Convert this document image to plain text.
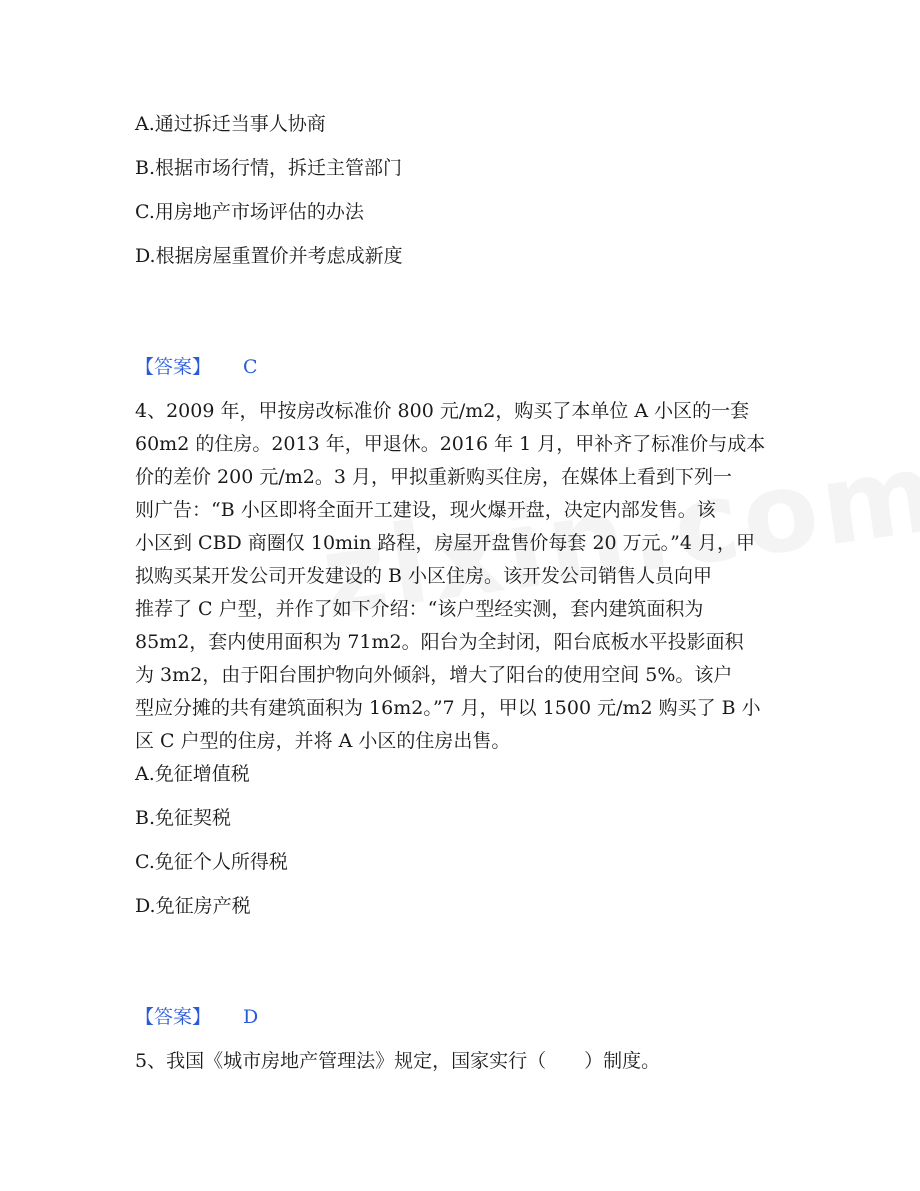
A.通过拆迁当事人协商
B.根据市场行情，拆迁主管部门
C.用房地产市场评估的办法
D.根据房屋重置价并考虑成新度
【答案】 C
4、2009 年，甲按房改标准价 800 元/m2，购买了本单位 A 小区的一套
60m2 的住房。2013 年，甲退休。2016 年 1 月，甲补齐了标准价与成本
价的差价 200 元/m2。3 月，甲拟重新购买住房，在媒体上看到下列一
则广告：“B 小区即将全面开工建设，现火爆开盘，决定内部发售。该
小区到 CBD 商圈仅 10min 路程，房屋开盘售价每套 20 万元。”4 月，甲
拟购买某开发公司开发建设的 B 小区住房。该开发公司销售人员向甲
推荐了 C 户型，并作了如下介绍：“该户型经实测，套内建筑面积为
85m2，套内使用面积为 71m2。阳台为全封闭，阳台底板水平投影面积
为 3m2，由于阳台围护物向外倾斜，增大了阳台的使用空间 5%。该户
型应分摊的共有建筑面积为 16m2。”7 月，甲以 1500 元/m2 购买了 B 小
区 C 户型的住房，并将 A 小区的住房出售。
A.免征增值税
B.免征契税
C.免征个人所得税
D.免征房产税
【答案】 D
5、我国《城市房地产管理法》规定，国家实行（　　）制度。
